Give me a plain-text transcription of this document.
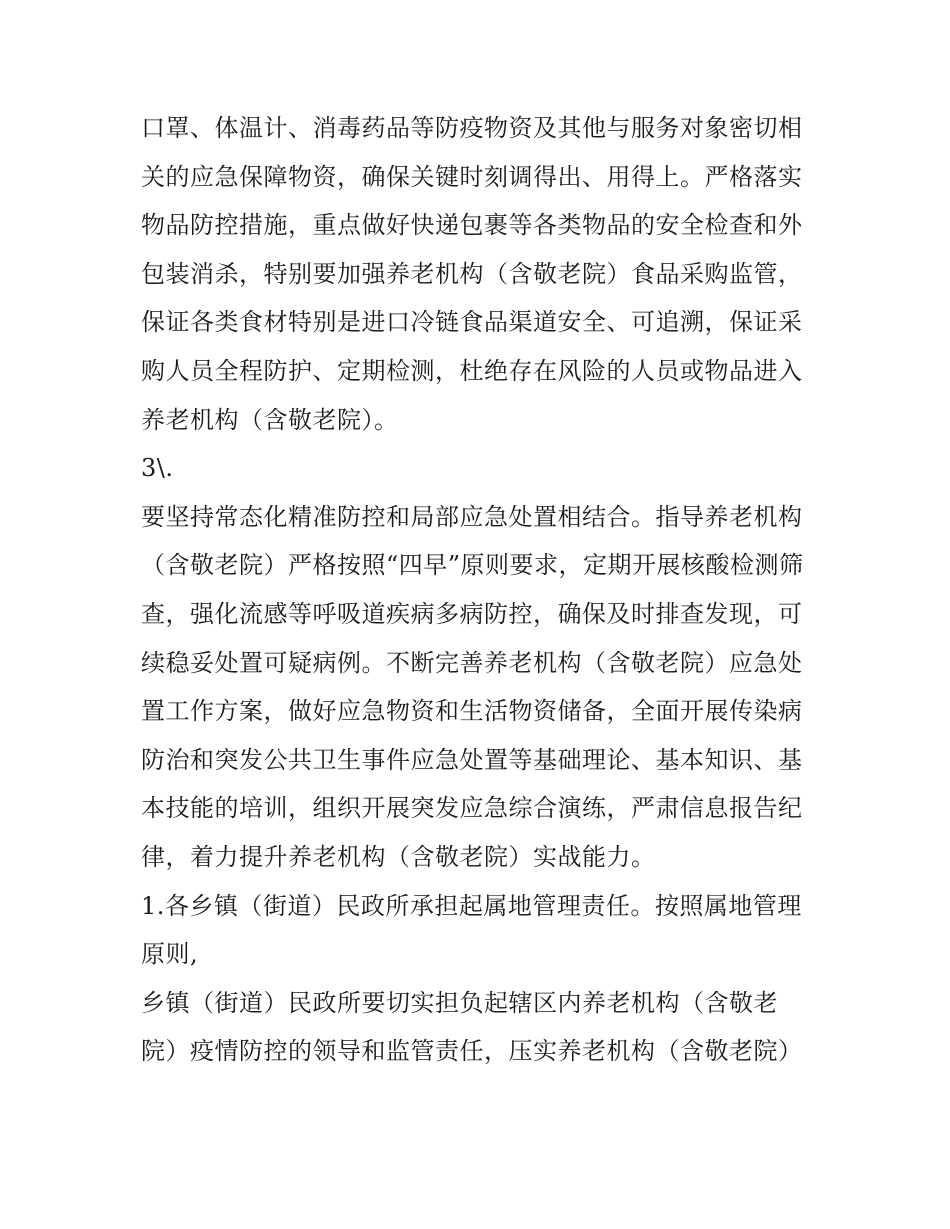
口罩、体温计、消毒药品等防疫物资及其他与服务对象密切相

关的应急保障物资，确保关键时刻调得出、用得上。严格落实

物品防控措施，重点做好快递包裹等各类物品的安全检查和外

包装消杀，特别要加强养老机构（含敬老院）食品采购监管，

保证各类食材特别是进口冷链食品渠道安全、可追溯，保证采

购人员全程防护、定期检测，杜绝存在风险的人员或物品进入

养老机构（含敬老院）。

3\.

要坚持常态化精准防控和局部应急处置相结合。指导养老机构

（含敬老院）严格按照“四早”原则要求，定期开展核酸检测筛

查，强化流感等呼吸道疾病多病防控，确保及时排查发现，可

续稳妥处置可疑病例。不断完善养老机构（含敬老院）应急处

置工作方案，做好应急物资和生活物资储备，全面开展传染病

防治和突发公共卫生事件应急处置等基础理论、基本知识、基

本技能的培训，组织开展突发应急综合演练，严肃信息报告纪

律，着力提升养老机构（含敬老院）实战能力。

1.各乡镇（街道）民政所承担起属地管理责任。按照属地管理

原则,

乡镇（街道）民政所要切实担负起辖区内养老机构（含敬老

院）疫情防控的领导和监管责任，压实养老机构（含敬老院）
